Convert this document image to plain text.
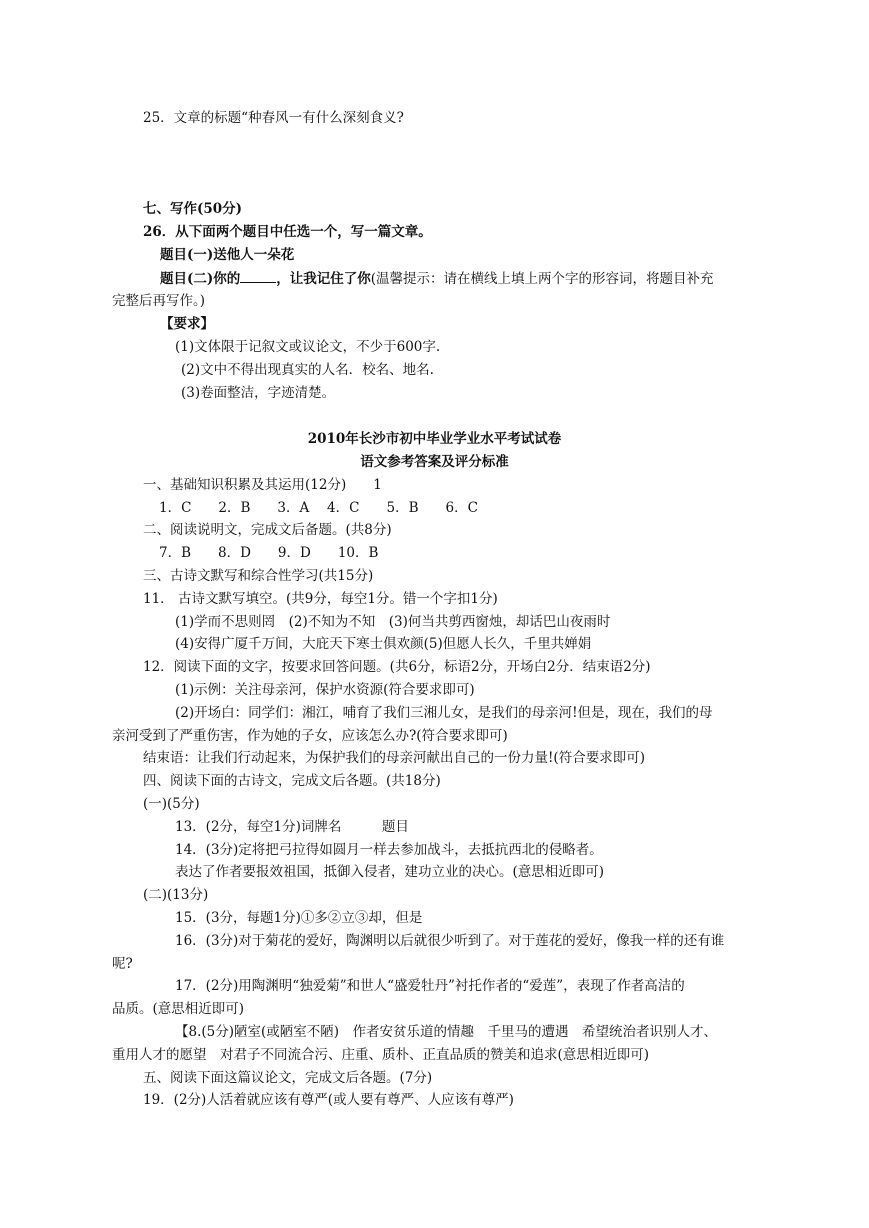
25．文章的标题“种春风一有什么深刻食义?
七、写作(50分)
26．从下面两个题目中任选一个，写一篇文章。
题目(一)送他人一朵花
题目(二)你的	，让我记住了你(温馨提示：请在横线上填上两个字的形容词，将题目补充
完整后再写作。)
【要求】
(1)文体限于记叙文或议论文，不少于600字.
(2)文中不得出现真实的人名．校名、地名.
(3)卷面整洁，字迹清楚。
2010年长沙市初中毕业学业水平考试试卷
语文参考答案及评分标准
一、基础知识积累及其运用(12分)　　1
1．C　　2．B　　3．A　 4．C　　5．B　　6．C
二、阅读说明文，完成文后备题。(共8分)
7．B　　8．D　　9．D　　10．B
三、古诗文默写和综合性学习(共15分)
11． 古诗文默写填空。(共9分，每空1分。错一个字扣1分)
(1)学而不思则罔　(2)不知为不知　(3)何当共剪西窗烛，却话巴山夜雨时
(4)安得广厦千万间，大庇天下寒士俱欢颜(5)但愿人长久，千里共婵娟
12．阅读下面的文字，按要求回答问题。(共6分，标语2分，开场白2分．结束语2分)
(1)示例：关注母亲河，保护水资源(符合要求即可)
(2)开场白：同学们：湘江，哺育了我们三湘儿女，是我们的母亲河!但是，现在，我们的母
亲河受到了严重伤害，作为她的子女，应该怎么办?(符合要求即可)
结束语：让我们行动起来，为保护我们的母亲河献出自己的一份力量!(符合要求即可)
四、阅读下面的古诗文，完成文后各题。(共18分)
(一)(5分)
13．(2分，每空1分)词牌名　　　题目
14．(3分)定将把弓拉得如圆月一样去参加战斗，去抵抗西北的侵略者。
表达了作者要报效祖国，抵御入侵者，建功立业的决心。(意思相近即可)
(二)(13分)
15．(3分，每题1分)①多②立③却，但是
16．(3分)对于菊花的爱好，陶渊明以后就很少听到了。对于莲花的爱好，像我一样的还有谁
呢?
17．(2分)用陶渊明“独爱菊”和世人“盛爱牡丹”衬托作者的“爱莲”，表现了作者高洁的
品质。(意思相近即可)
【8.(5分)陋室(或陋室不陋)　作者安贫乐道的情趣　千里马的遭遇　希望统治者识别人才、
重用人才的愿望　对君子不同流合污、庄重、质朴、正直品质的赞美和追求(意思相近即可)
五、阅读下面这篇议论文，完成文后各题。(7分)
19．(2分)人活着就应该有尊严(或人要有尊严、人应该有尊严)
